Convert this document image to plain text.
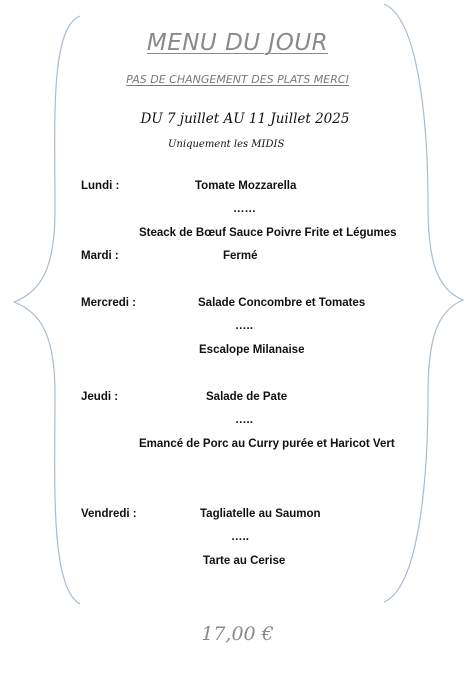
MENU DU JOUR
PAS DE CHANGEMENT DES PLATS MERCI
DU 7 juillet AU 11 Juillet 2025
Uniquement les MIDIS
Lundi :	Tomate Mozzarella
……
Steack de Bœuf Sauce Poivre Frite et Légumes
Mardi :	Fermé
Mercredi :	Salade Concombre et Tomates
…..
Escalope Milanaise
Jeudi :	Salade de Pate
…..
Emancé de Porc au Curry purée et Haricot Vert
Vendredi :	Tagliatelle au Saumon
…..
Tarte au Cerise
17,00 €
